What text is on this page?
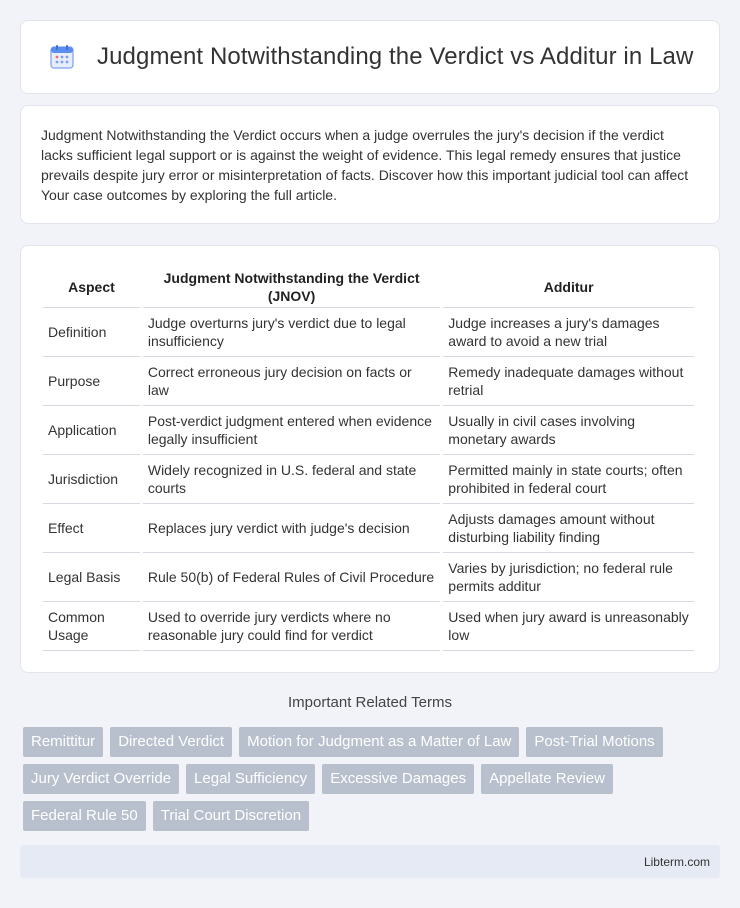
Judgment Notwithstanding the Verdict vs Additur in Law

Judgment Notwithstanding the Verdict occurs when a judge overrules the jury's decision if the verdict lacks sufficient legal support or is against the weight of evidence. This legal remedy ensures that justice prevails despite jury error or misinterpretation of facts. Discover how this important judicial tool can affect Your case outcomes by exploring the full article.

Aspect	Judgment Notwithstanding the Verdict (JNOV)	Additur
Definition	Judge overturns jury's verdict due to legal insufficiency	Judge increases a jury's damages award to avoid a new trial
Purpose	Correct erroneous jury decision on facts or law	Remedy inadequate damages without retrial
Application	Post-verdict judgment entered when evidence legally insufficient	Usually in civil cases involving monetary awards
Jurisdiction	Widely recognized in U.S. federal and state courts	Permitted mainly in state courts; often prohibited in federal court
Effect	Replaces jury verdict with judge's decision	Adjusts damages amount without disturbing liability finding
Legal Basis	Rule 50(b) of Federal Rules of Civil Procedure	Varies by jurisdiction; no federal rule permits additur
Common Usage	Used to override jury verdicts where no reasonable jury could find for verdict	Used when jury award is unreasonably low
Important Related Terms
Remittitur	Directed Verdict	Motion for Judgment as a Matter of Law	Post-Trial Motions
Jury Verdict Override	Legal Sufficiency	Excessive Damages	Appellate Review
Federal Rule 50	Trial Court Discretion
Libterm.com
